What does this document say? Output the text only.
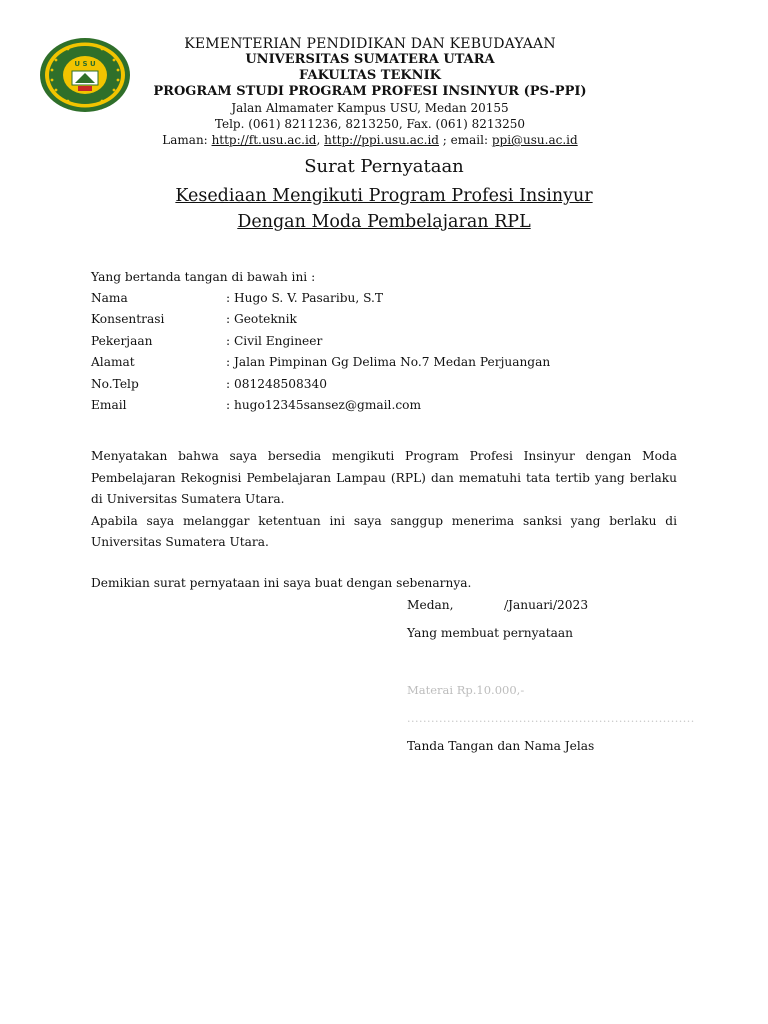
U S U
KEMENTERIAN PENDIDIKAN DAN KEBUDAYAAN
UNIVERSITAS SUMATERA UTARA
FAKULTAS TEKNIK
PROGRAM STUDI PROGRAM PROFESI INSINYUR (PS-PPI)
Jalan Almamater Kampus USU, Medan 20155
Telp. (061) 8211236, 8213250, Fax. (061) 8213250
Laman: http://ft.usu.ac.id, http://ppi.usu.ac.id ; email: ppi@usu.ac.id
Surat Pernyataan
Kesediaan Mengikuti Program Profesi Insinyur
Dengan Moda Pembelajaran RPL
Yang bertanda tangan di bawah ini :
Nama	: Hugo S. V. Pasaribu, S.T
Konsentrasi	: Geoteknik
Pekerjaan	: Civil Engineer
Alamat	: Jalan Pimpinan Gg Delima No.7 Medan Perjuangan
No.Telp	: 081248508340
Email	: hugo12345sansez@gmail.com

Menyatakan bahwa saya bersedia mengikuti Program Profesi Insinyur dengan Moda Pembelajaran Rekognisi Pembelajaran Lampau (RPL) dan mematuhi tata tertib yang berlaku di Universitas Sumatera Utara.

Apabila saya melanggar ketentuan ini saya sanggup menerima sanksi yang berlaku di Universitas Sumatera Utara.

Demikian surat pernyataan ini saya buat dengan sebenarnya.
Medan,	/Januari/2023
Yang membuat pernyataan
Materai Rp.10.000,-
........................................................................
Tanda Tangan dan Nama Jelas
